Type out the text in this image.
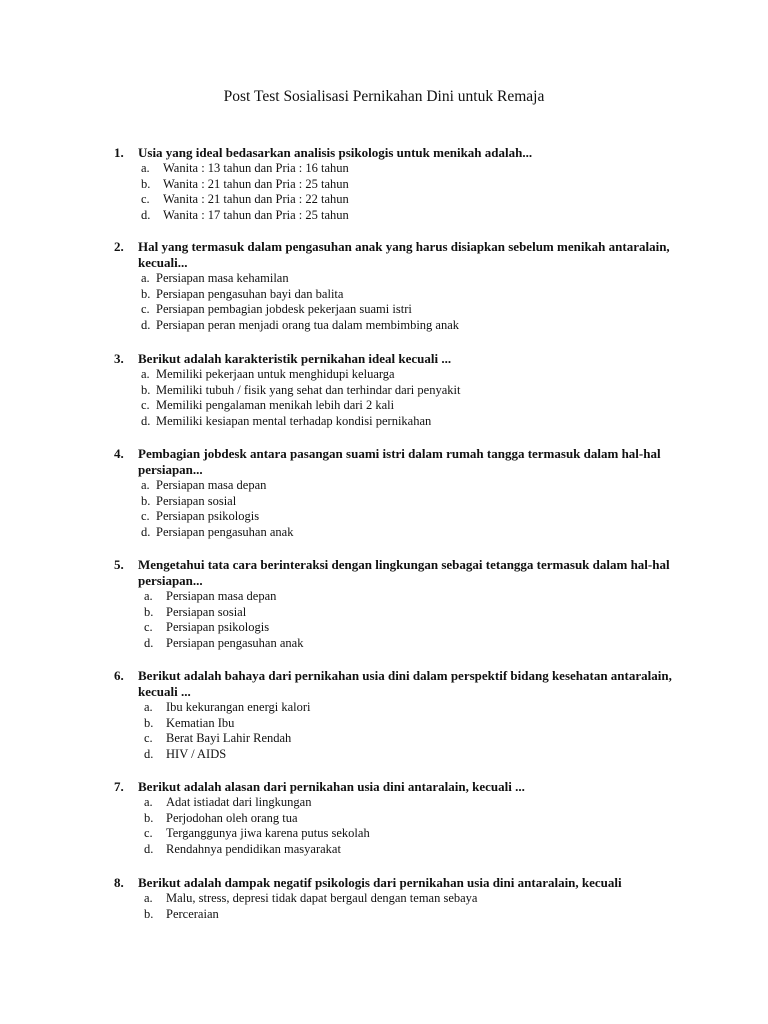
Post Test Sosialisasi Pernikahan Dini untuk Remaja
1. Usia yang ideal bedasarkan analisis psikologis untuk menikah adalah...
a. Wanita : 13 tahun dan Pria : 16 tahun
b. Wanita : 21 tahun dan Pria : 25 tahun
c. Wanita : 21 tahun dan Pria : 22 tahun
d. Wanita : 17 tahun dan Pria : 25 tahun
2. Hal yang termasuk dalam pengasuhan anak yang harus disiapkan sebelum menikah antaralain, kecuali...
a. Persiapan masa kehamilan
b. Persiapan pengasuhan bayi dan balita
c. Persiapan pembagian jobdesk pekerjaan suami istri
d. Persiapan peran menjadi orang tua dalam membimbing anak
3. Berikut adalah karakteristik pernikahan ideal kecuali ...
a. Memiliki pekerjaan untuk menghidupi keluarga
b. Memiliki tubuh / fisik yang sehat dan terhindar dari penyakit
c. Memiliki pengalaman menikah lebih dari 2 kali
d. Memiliki kesiapan mental terhadap kondisi pernikahan
4. Pembagian jobdesk antara pasangan suami istri dalam rumah tangga termasuk dalam hal-hal persiapan...
a. Persiapan masa depan
b. Persiapan sosial
c. Persiapan psikologis
d. Persiapan pengasuhan anak
5. Mengetahui tata cara berinteraksi dengan lingkungan sebagai tetangga termasuk dalam hal-hal persiapan...
a. Persiapan masa depan
b. Persiapan sosial
c. Persiapan psikologis
d. Persiapan pengasuhan anak
6. Berikut adalah bahaya dari pernikahan usia dini dalam perspektif bidang kesehatan antaralain, kecuali ...
a. Ibu kekurangan energi kalori
b. Kematian Ibu
c. Berat Bayi Lahir Rendah
d. HIV / AIDS
7. Berikut adalah alasan dari pernikahan usia dini antaralain, kecuali ...
a. Adat istiadat dari lingkungan
b. Perjodohan oleh orang tua
c. Terganggunya jiwa karena putus sekolah
d. Rendahnya pendidikan masyarakat
8. Berikut adalah dampak negatif psikologis dari pernikahan usia dini antaralain, kecuali
a. Malu, stress, depresi tidak dapat bergaul dengan teman sebaya
b. Perceraian
